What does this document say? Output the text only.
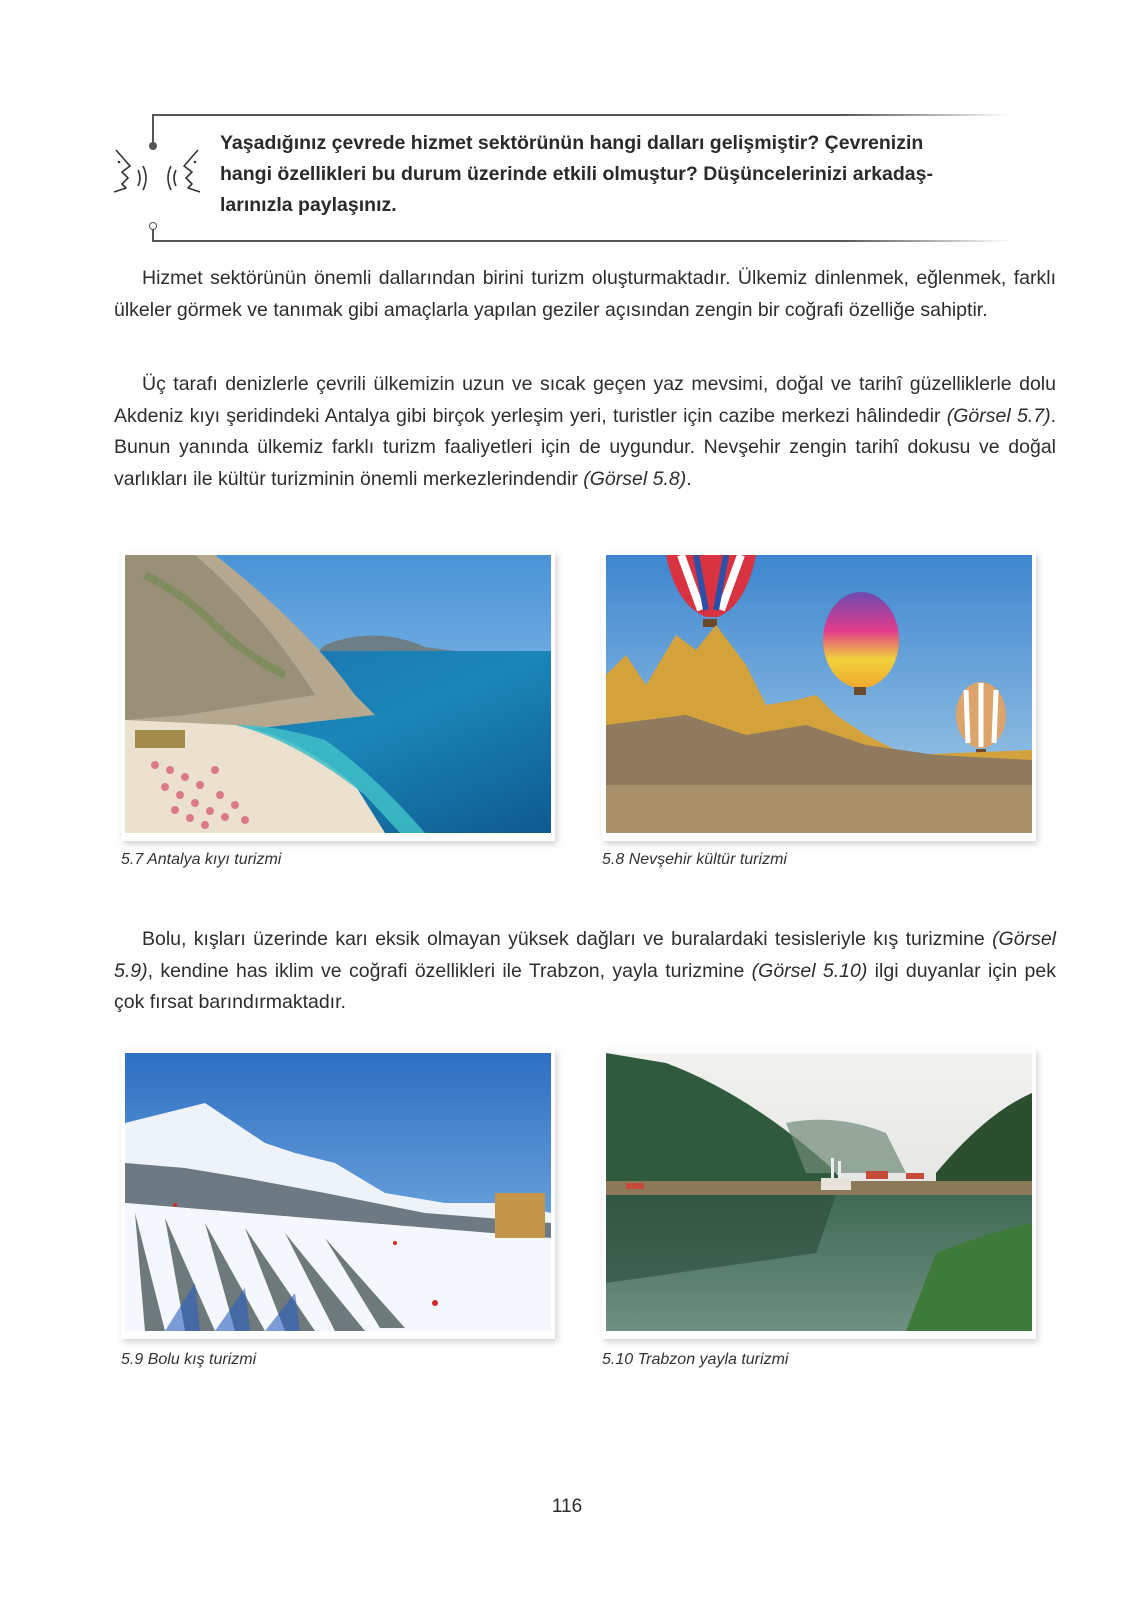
Yaşadığınız çevrede hizmet sektörünün hangi dalları gelişmiştir? Çevrenizin
hangi özellikleri bu durum üzerinde etkili olmuştur? Düşüncelerinizi arkadaş-
larınızla paylaşınız.

Hizmet sektörünün önemli dallarından birini turizm oluşturmaktadır. Ülkemiz dinlenmek, eğlenmek, farklı ülkeler görmek ve tanımak gibi amaçlarla yapılan geziler açısından zengin bir coğrafi özelliğe sahiptir.

Üç tarafı denizlerle çevrili ülkemizin uzun ve sıcak geçen yaz mevsimi, doğal ve tarihî güzelliklerle dolu Akdeniz kıyı şeridindeki Antalya gibi birçok yerleşim yeri, turistler için cazibe merkezi hâlindedir (Görsel 5.7). Bunun yanında ülkemiz farklı turizm faaliyetleri için de uygundur. Nevşehir zengin tarihî dokusu ve doğal varlıkları ile kültür turizminin önemli merkezlerindendir (Görsel 5.8).

5.7 Antalya kıyı turizmi	5.8 Nevşehir kültür turizmi

Bolu, kışları üzerinde karı eksik olmayan yüksek dağları ve buralardaki tesisleriyle kış turizmine (Görsel 5.9), kendine has iklim ve coğrafi özellikleri ile Trabzon, yayla turizmine (Görsel 5.10) ilgi duyanlar için pek çok fırsat barındırmaktadır.

5.9 Bolu kış turizmi	5.10 Trabzon yayla turizmi
116
